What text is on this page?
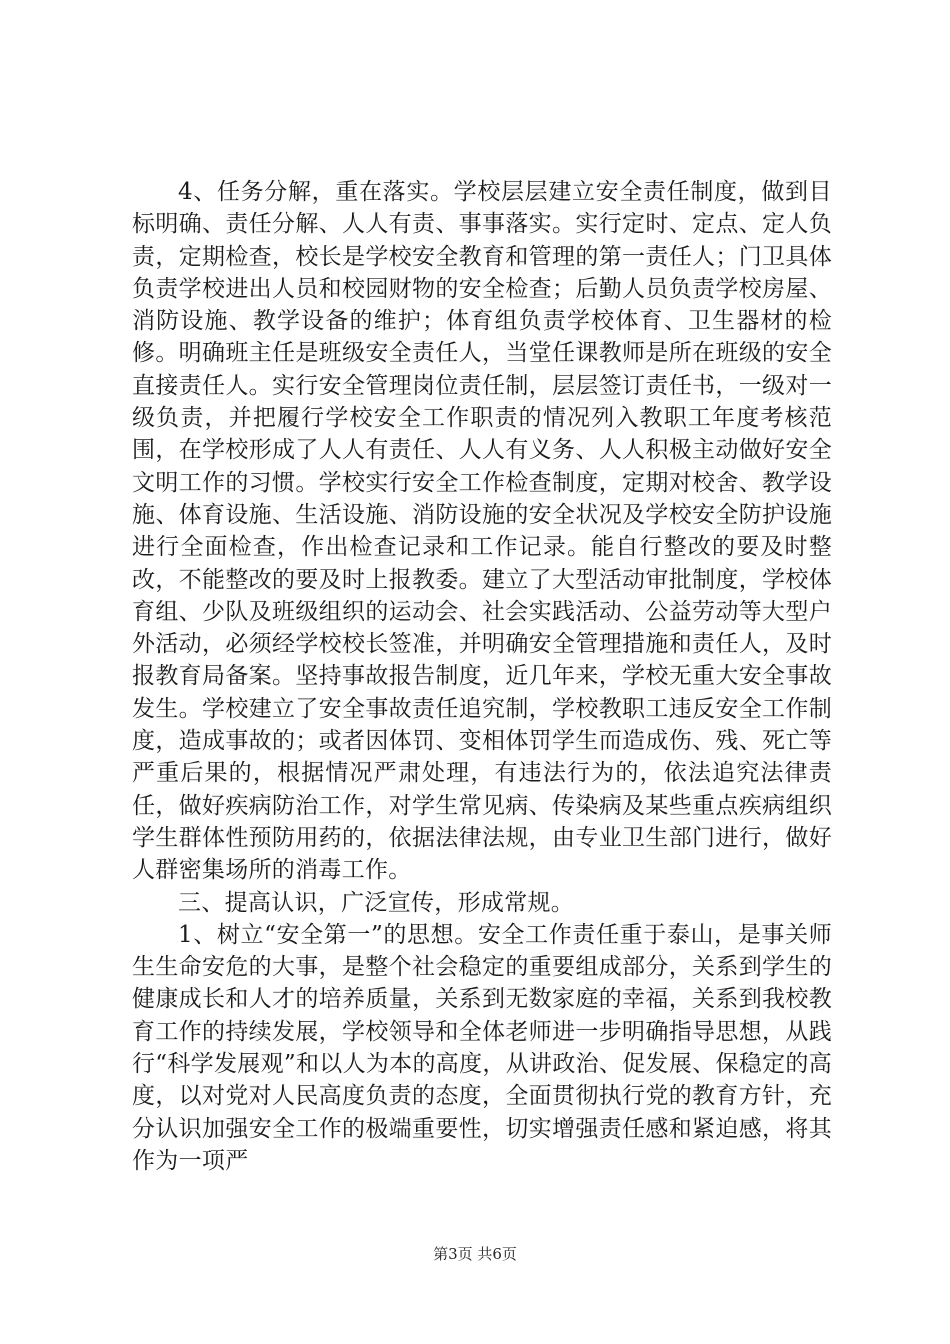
4、任务分解，重在落实。学校层层建立安全责任制度，做到目标明确、责任分解、人人有责、事事落实。实行定时、定点、定人负责，定期检查，校长是学校安全教育和管理的第一责任人；门卫具体负责学校进出人员和校园财物的安全检查；后勤人员负责学校房屋、消防设施、教学设备的维护；体育组负责学校体育、卫生器材的检修。明确班主任是班级安全责任人，当堂任课教师是所在班级的安全直接责任人。实行安全管理岗位责任制，层层签订责任书，一级对一级负责，并把履行学校安全工作职责的情况列入教职工年度考核范围，在学校形成了人人有责任、人人有义务、人人积极主动做好安全文明工作的习惯。学校实行安全工作检查制度，定期对校舍、教学设施、体育设施、生活设施、消防设施的安全状况及学校安全防护设施进行全面检查，作出检查记录和工作记录。能自行整改的要及时整改，不能整改的要及时上报教委。建立了大型活动审批制度，学校体育组、少队及班级组织的运动会、社会实践活动、公益劳动等大型户外活动，必须经学校校长签准，并明确安全管理措施和责任人，及时报教育局备案。坚持事故报告制度，近几年来，学校无重大安全事故发生。学校建立了安全事故责任追究制，学校教职工违反安全工作制度，造成事故的；或者因体罚、变相体罚学生而造成伤、残、死亡等严重后果的，根据情况严肃处理，有违法行为的，依法追究法律责任，做好疾病防治工作，对学生常见病、传染病及某些重点疾病组织学生群体性预防用药的，依据法律法规，由专业卫生部门进行，做好人群密集场所的消毒工作。

三、提高认识，广泛宣传，形成常规。

1、树立“安全第一”的思想。安全工作责任重于泰山，是事关师生生命安危的大事，是整个社会稳定的重要组成部分，关系到学生的健康成长和人才的培养质量，关系到无数家庭的幸福，关系到我校教育工作的持续发展，学校领导和全体老师进一步明确指导思想，从践行“科学发展观”和以人为本的高度，从讲政治、促发展、保稳定的高度，以对党对人民高度负责的态度，全面贯彻执行党的教育方针，充分认识加强安全工作的极端重要性，切实增强责任感和紧迫感，将其作为一项严

第3页 共6页
